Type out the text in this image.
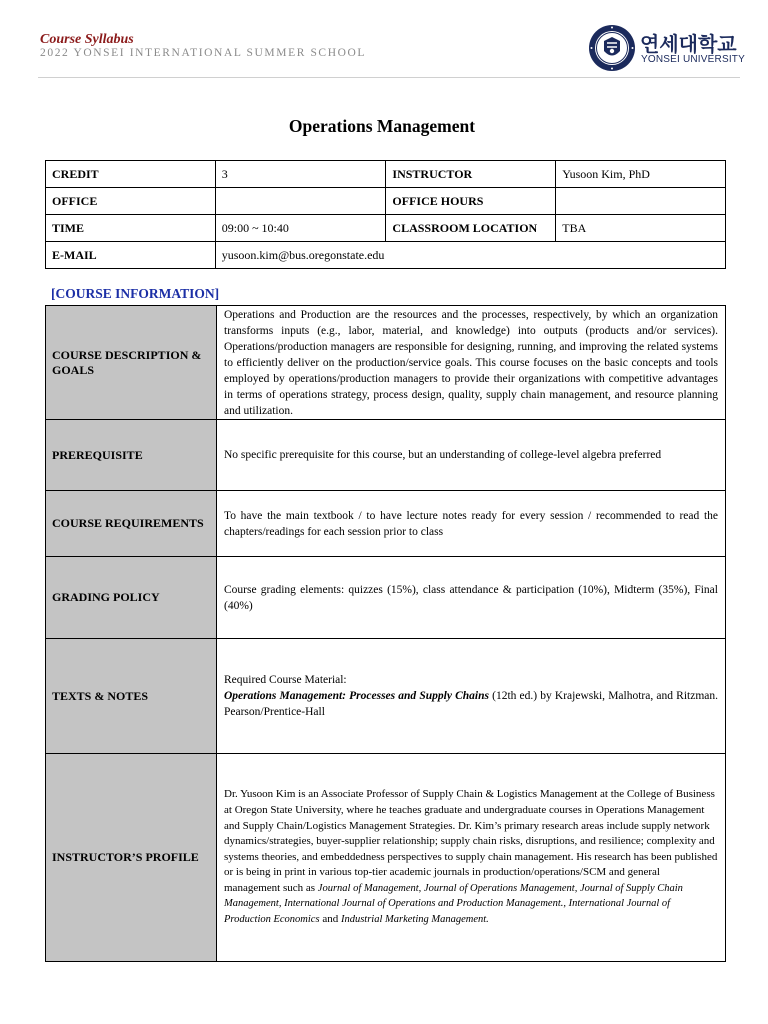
Course Syllabus
2022 YONSEI INTERNATIONAL SUMMER SCHOOL	연세대학교
YONSEI UNIVERSITY
Operations Management
CREDIT	3	INSTRUCTOR	Yusoon Kim, PhD
OFFICE		OFFICE HOURS	
TIME	09:00 ~ 10:40	CLASSROOM LOCATION	TBA
E-MAIL	yusoon.kim@bus.oregonstate.edu		
[COURSE INFORMATION]
COURSE DESCRIPTION & GOALS	Operations and Production are the resources and the processes, respectively, by which an organization transforms inputs (e.g., labor, material, and knowledge) into outputs (products and/or services). Operations/production managers are responsible for designing, running, and improving the related systems to efficiently deliver on the production/service goals. This course focuses on the basic concepts and tools employed by operations/production managers to provide their organizations with competitive advantages in terms of operations strategy, process design, quality, supply chain management, and resource planning and utilization.
PREREQUISITE	No specific prerequisite for this course, but an understanding of college-level algebra preferred
COURSE REQUIREMENTS	To have the main textbook / to have lecture notes ready for every session / recommended to read the chapters/readings for each session prior to class
GRADING POLICY	Course grading elements: quizzes (15%), class attendance & participation (10%), Midterm (35%), Final (40%)
TEXTS & NOTES	Required Course Material:
Operations Management: Processes and Supply Chains (12th ed.) by Krajewski, Malhotra, and Ritzman. Pearson/Prentice-Hall
INSTRUCTOR’S PROFILE	Dr. Yusoon Kim is an Associate Professor of Supply Chain & Logistics Management at the College of Business at Oregon State University, where he teaches graduate and undergraduate courses in Operations Management and Supply Chain/Logistics Management Strategies. Dr. Kim’s primary research areas include supply network dynamics/strategies, buyer-supplier relationship; supply chain risks, disruptions, and resilience; complexity and systems theories, and embeddedness perspectives to supply chain management. His research has been published or is being in print in various top-tier academic journals in production/operations/SCM and general management such as Journal of Management, Journal of Operations Management, Journal of Supply Chain Management, International Journal of Operations and Production Management., International Journal of Production Economics and Industrial Marketing Management.
